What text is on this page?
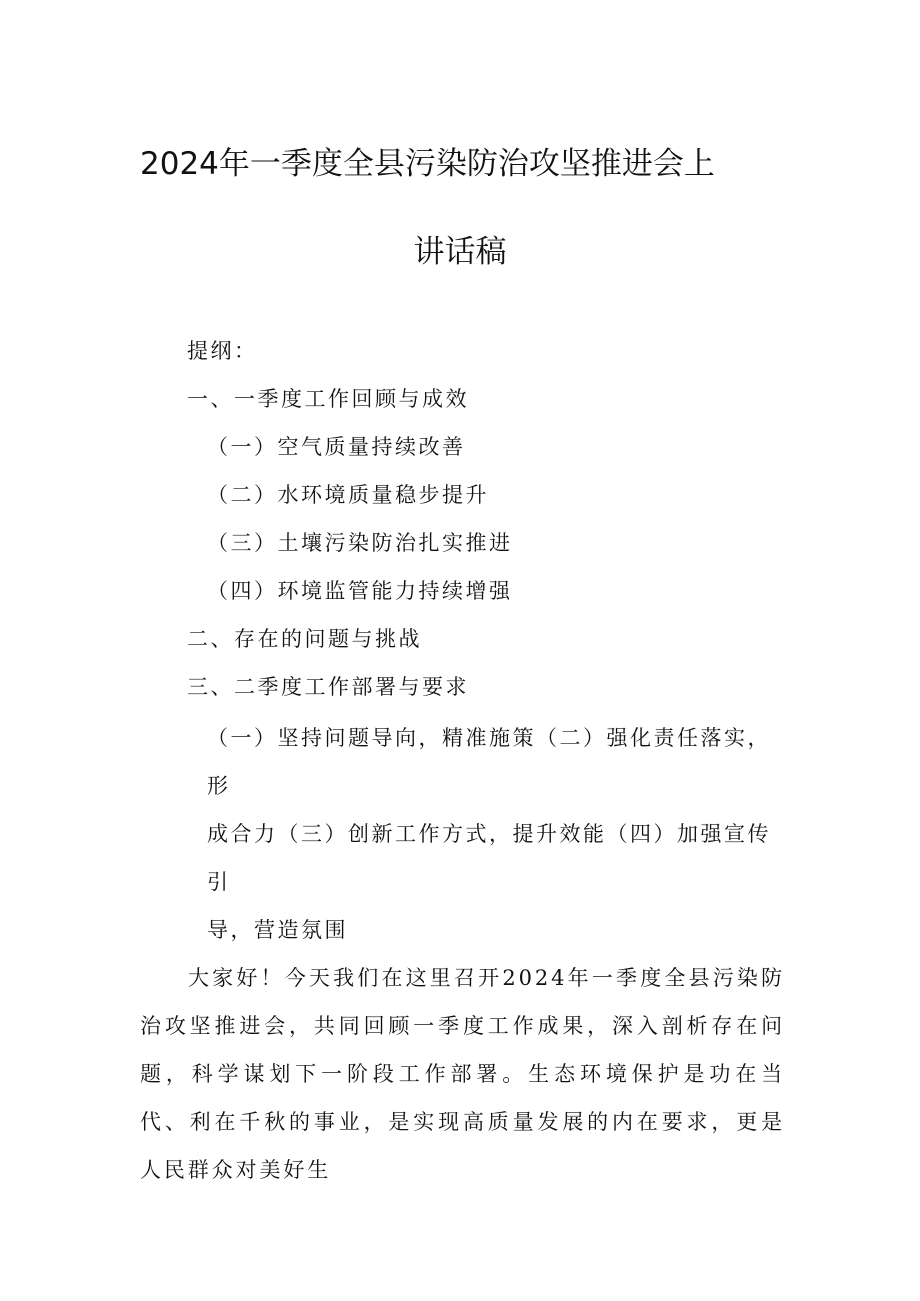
2024年一季度全县污染防治攻坚推进会上
讲话稿
提纲：
一、一季度工作回顾与成效
（一）空气质量持续改善
（二）水环境质量稳步提升
（三）土壤污染防治扎实推进
（四）环境监管能力持续增强
二、存在的问题与挑战
三、二季度工作部署与要求
（一）坚持问题导向，精准施策（二）强化责任落实，形
成合力（三）创新工作方式，提升效能（四）加强宣传引
导，营造氛围
大家好！今天我们在这里召开2024年一季度全县污染防治攻坚推进会，共同回顾一季度工作成果，深入剖析存在问题，科学谋划下一阶段工作部署。生态环境保护是功在当代、利在千秋的事业，是实现高质量发展的内在要求，更是人民群众对美好生
